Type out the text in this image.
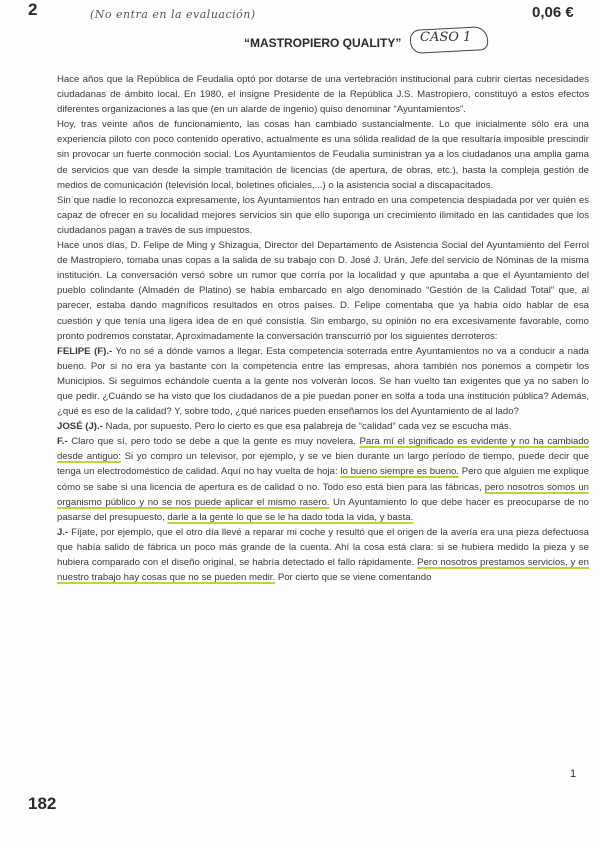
2	(No entra en la evaluación)	0,06 €
“MASTROPIERO QUALITY” CASO 1

Hace años que la República de Feudalia optó por dotarse de una vertebración institucional para cubrir ciertas necesidades ciudadanas de ámbito local. En 1980, el insigne Presidente de la República J.S. Mastropiero, constituyó a estos efectos diferentes organizaciones a las que (en un alarde de ingenio) quiso denominar “Ayuntamientos”.

Hoy, tras veinte años de funcionamiento, las cosas han cambiado sustancialmente. Lo que inicialmente sólo era una experiencia piloto con poco contenido operativo, actualmente es una sólida realidad de la que resultaría imposible prescindir sin provocar un fuerte conmoción social. Los Ayuntamientos de Feudalia suministran ya a los ciudadanos una amplia gama de servicios que van desde la simple tramitación de licencias (de apertura, de obras, etc.), hasta la compleja gestión de medios de comunicación (televisión local, boletines oficiales,...) o la asistencia social a discapacitados.

Sin que nadie lo reconozca expresamente, los Ayuntamientos han entrado en una competencia despiadada por ver quién es capaz de ofrecer en su localidad mejores servicios sin que ello suponga un crecimiento ilimitado en las cantidades que los ciudadanos pagan a través de sus impuestos.

Hace unos días, D. Felipe de Ming y Shizagua, Director del Departamento de Asistencia Social del Ayuntamiento del Ferrol de Mastropiero, tomaba unas copas a la salida de su trabajo con D. José J. Urán, Jefe del servicio de Nóminas de la misma institución. La conversación versó sobre un rumor que corría por la localidad y que apuntaba a que el Ayuntamiento del pueblo colindante (Almadén de Platino) se había embarcado en algo denominado “Gestión de la Calidad Total” que, al parecer, estaba dando magníficos resultados en otros países. D. Felipe comentaba que ya había oído hablar de esa cuestión y que tenía una ligera idea de en qué consistía. Sin embargo, su opinión no era excesivamente favorable, como pronto podremos constatar. Aproximadamente la conversación transcurrió por los siguientes derroteros:

FELIPE (F).- Yo no sé a dónde vamos a llegar. Esta competencia soterrada entre Ayuntamientos no va a conducir a nada bueno. Por si no era ya bastante con la competencia entre las empresas, ahora también nos ponemos a competir los Municipios. Si seguimos echándole cuenta a la gente nos volverán locos. Se han vuelto tan exigentes que ya no saben lo que pedir. ¿Cuándo se ha visto que los ciudadanos de a pie puedan poner en solfa a toda una institución pública? Además, ¿qué es eso de la calidad? Y, sobre todo, ¿qué narices pueden enseñarnos los del Ayuntamiento de al lado?

JOSÉ (J).- Nada, por supuesto. Pero lo cierto es que esa palabreja de “calidad” cada vez se escucha más.

F.- Claro que sí, pero todo se debe a que la gente es muy novelera. Para mí el significado es evidente y no ha cambiado desde antiguo: Si yo compro un televisor, por ejemplo, y se ve bien durante un largo período de tiempo, puede decir que tenga un electrodoméstico de calidad. Aquí no hay vuelta de hoja: lo bueno siempre es bueno. Pero que alguien me explique cómo se sabe si una licencia de apertura es de calidad o no. Todo eso está bien para las fábricas, pero nosotros somos un organismo público y no se nos puede aplicar el mismo rasero. Un Ayuntamiento lo que debe hacer es preocuparse de no pasarse del presupuesto, darle a la gente lo que se le ha dado toda la vida, y basta.

J.- Fíjate, por ejemplo, que el otro día llevé a reparar mi coche y resultó que el origen de la avería era una pieza defectuosa que había salido de fábrica un poco más grande de la cuenta. Ahí la cosa está clara: si se hubiera medido la pieza y se hubiera comparado con el diseño original, se habría detectado el fallo rápidamente. Pero nosotros prestamos servicios, y en nuestro trabajo hay cosas que no se pueden medir. Por cierto que se viene comentando

1
182
